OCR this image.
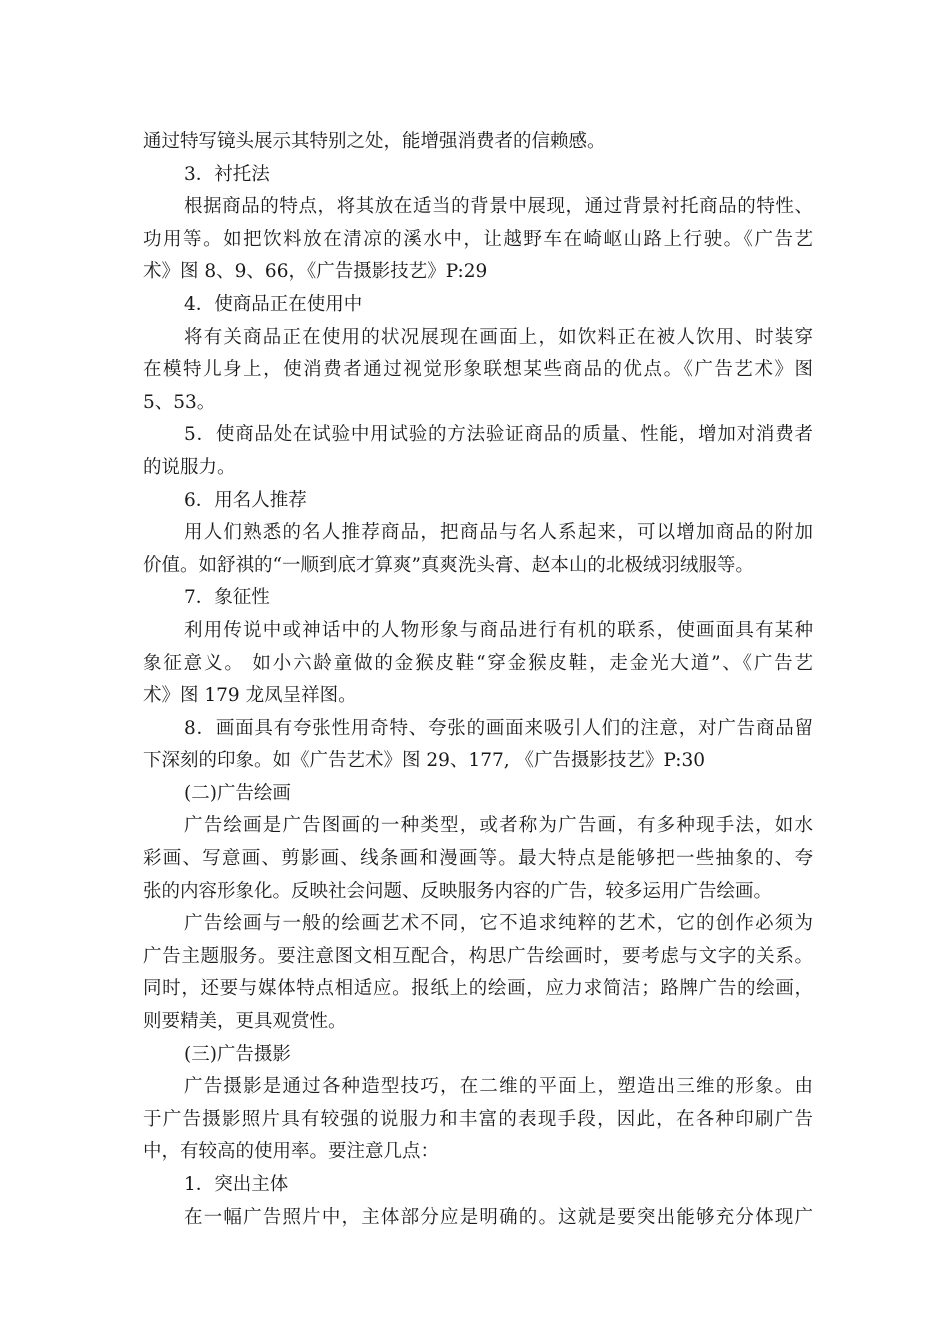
通过特写镜头展示其特别之处，能增强消费者的信赖感。
3．衬托法
根据商品的特点，将其放在适当的背景中展现，通过背景衬托商品的特性、
功用等。如把饮料放在清凉的溪水中，让越野车在崎岖山路上行驶。《广告艺
术》图 8、9、66，《广告摄影技艺》P:29
4．使商品正在使用中
将有关商品正在使用的状况展现在画面上，如饮料正在被人饮用、时装穿
在模特儿身上，使消费者通过视觉形象联想某些商品的优点。《广告艺术》图
5、53。
5．使商品处在试验中用试验的方法验证商品的质量、性能，增加对消费者
的说服力。
6．用名人推荐
用人们熟悉的名人推荐商品，把商品与名人系起来，可以增加商品的附加
价值。如舒祺的“一顺到底才算爽”真爽洗头膏、赵本山的北极绒羽绒服等。
7．象征性
利用传说中或神话中的人物形象与商品进行有机的联系，使画面具有某种
象征意义。 如小六龄童做的金猴皮鞋“穿金猴皮鞋，走金光大道”、《广告艺
术》图 179 龙凤呈祥图。
8．画面具有夸张性用奇特、夸张的画面来吸引人们的注意，对广告商品留
下深刻的印象。如《广告艺术》图 29、177, 《广告摄影技艺》P:30
(二)广告绘画
广告绘画是广告图画的一种类型，或者称为广告画，有多种现手法，如水
彩画、写意画、剪影画、线条画和漫画等。最大特点是能够把一些抽象的、夸
张的内容形象化。反映社会问题、反映服务内容的广告，较多运用广告绘画。
广告绘画与一般的绘画艺术不同，它不追求纯粹的艺术，它的创作必须为
广告主题服务。要注意图文相互配合，构思广告绘画时，要考虑与文字的关系。
同时，还要与媒体特点相适应。报纸上的绘画，应力求简洁；路牌广告的绘画，
则要精美，更具观赏性。
(三)广告摄影
广告摄影是通过各种造型技巧，在二维的平面上，塑造出三维的形象。由
于广告摄影照片具有较强的说服力和丰富的表现手段，因此，在各种印刷广告
中，有较高的使用率。要注意几点：
1．突出主体
在一幅广告照片中，主体部分应是明确的。这就是要突出能够充分体现广
